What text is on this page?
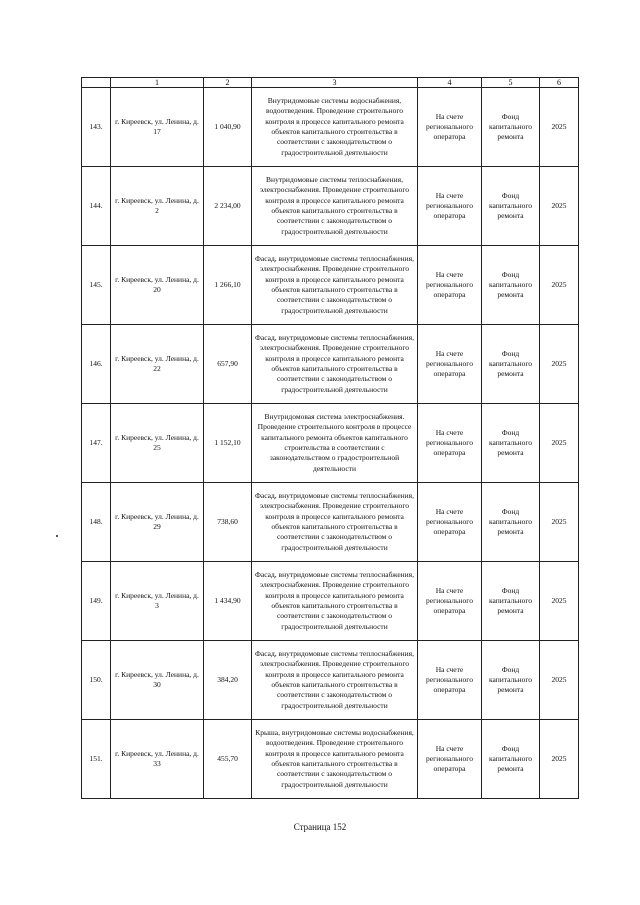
	1	2	3	4	5	6
143.	г. Киреевск, ул. Ленина, д. 17	1 040,90	Внутридомовые системы водоснабжения, водоотведения. Проведение строительного контроля в процессе капитального ремонта объектов капитального строительства в соответствии с законодательством о градостроительной деятельности	На счете регионального оператора	Фонд капитального ремонта	2025
144.	г. Киреевск, ул. Ленина, д. 2	2 234,00	Внутридомовые системы теплоснабжения, электроснабжения. Проведение строительного контроля в процессе капитального ремонта объектов капитального строительства в соответствии с законодательством о градостроительной деятельности	На счете регионального оператора	Фонд капитального ремонта	2025
145.	г. Киреевск, ул. Ленина, д. 20	1 266,10	Фасад, внутридомовые системы теплоснабжения, электроснабжения. Проведение строительного контроля в процессе капитального ремонта объектов капитального строительства в соответствии с законодательством о градостроительной деятельности	На счете регионального оператора	Фонд капитального ремонта	2025
146.	г. Киреевск, ул. Ленина, д. 22	657,90	Фасад, внутридомовые системы теплоснабжения, электроснабжения. Проведение строительного контроля в процессе капитального ремонта объектов капитального строительства в соответствии с законодательством о градостроительной деятельности	На счете регионального оператора	Фонд капитального ремонта	2025
147.	г. Киреевск, ул. Ленина, д. 25	1 152,10	Внутридомовая система электроснабжения. Проведение строительного контроля в процессе капитального ремонта объектов капитального строительства в соответствии с законодательством о градостроительной деятельности	На счете регионального оператора	Фонд капитального ремонта	2025
148.	г. Киреевск, ул. Ленина, д. 29	738,60	Фасад, внутридомовые системы теплоснабжения, электроснабжения. Проведение строительного контроля в процессе капитального ремонта объектов капитального строительства в соответствии с законодательством о градостроительной деятельности	На счете регионального оператора	Фонд капитального ремонта	2025
149.	г. Киреевск, ул. Ленина, д. 3	1 434,90	Фасад, внутридомовые системы теплоснабжения, электроснабжения. Проведение строительного контроля в процессе капитального ремонта объектов капитального строительства в соответствии с законодательством о градостроительной деятельности	На счете регионального оператора	Фонд капитального ремонта	2025
150.	г. Киреевск, ул. Ленина, д. 30	384,20	Фасад, внутридомовые системы теплоснабжения, электроснабжения. Проведение строительного контроля в процессе капитального ремонта объектов капитального строительства в соответствии с законодательством о градостроительной деятельности	На счете регионального оператора	Фонд капитального ремонта	2025
151.	г. Киреевск, ул. Ленина, д. 33	455,70	Крыша, внутридомовые системы водоснабжения, водоотведения. Проведение строительного контроля в процессе капитального ремонта объектов капитального строительства в соответствии с законодательством о градостроительной деятельности	На счете регионального оператора	Фонд капитального ремонта	2025
Страница 152
